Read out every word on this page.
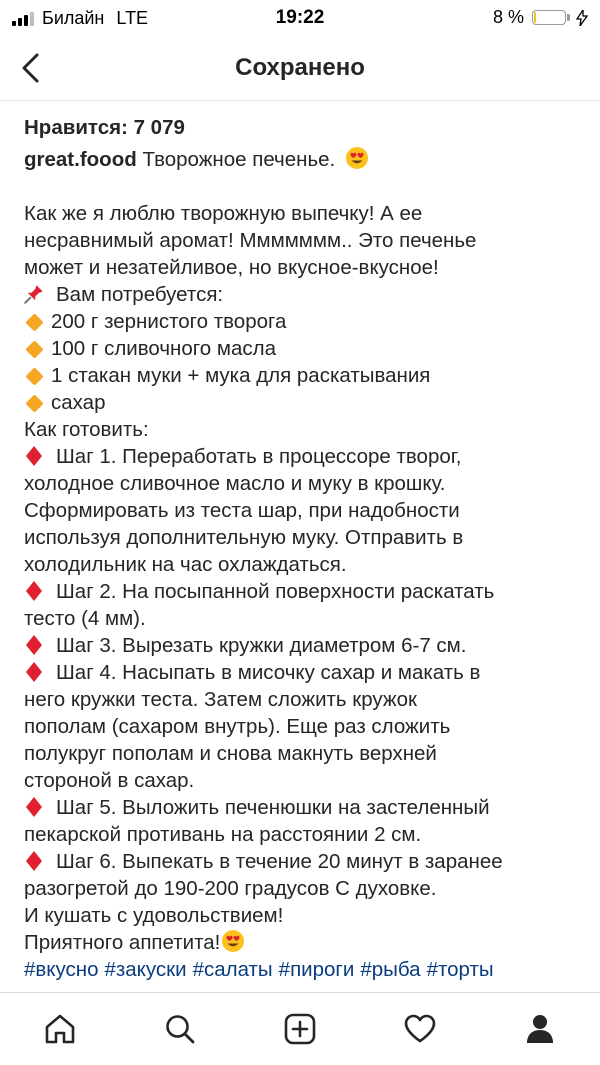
Билайн LTE	19:22	8 %
Сохранено
Нравится: 7 079
great.foood Творожное печенье.
Как же я люблю творожную выпечку! А ее
несравнимый аромат! Ммммммм.. Это печенье
может и незатейливое, но вкусное-вкусное!
Вам потребуется:
200 г зернистого творога
100 г сливочного масла
1 стакан муки + мука для раскатывания
сахар
Как готовить:
Шаг 1. Переработать в процессоре творог,
холодное сливочное масло и муку в крошку.
Сформировать из теста шар, при надобности
используя дополнительную муку. Отправить в
холодильник на час охлаждаться.
Шаг 2. На посыпанной поверхности раскатать
тесто (4 мм).
Шаг 3. Вырезать кружки диаметром 6-7 см.
Шаг 4. Насыпать в мисочку сахар и макать в
него кружки теста. Затем сложить кружок
пополам (сахаром внутрь). Еще раз сложить
полукруг пополам и снова макнуть верхней
стороной в сахар.
Шаг 5. Выложить печенюшки на застеленный
пекарской противань на расстоянии 2 см.
Шаг 6. Выпекать в течение 20 минут в заранее
разогретой до 190-200 градусов С духовке.
И кушать с удовольствием!
Приятного аппетита!
#вкусно #закуски #салаты #пироги #рыба #торты
